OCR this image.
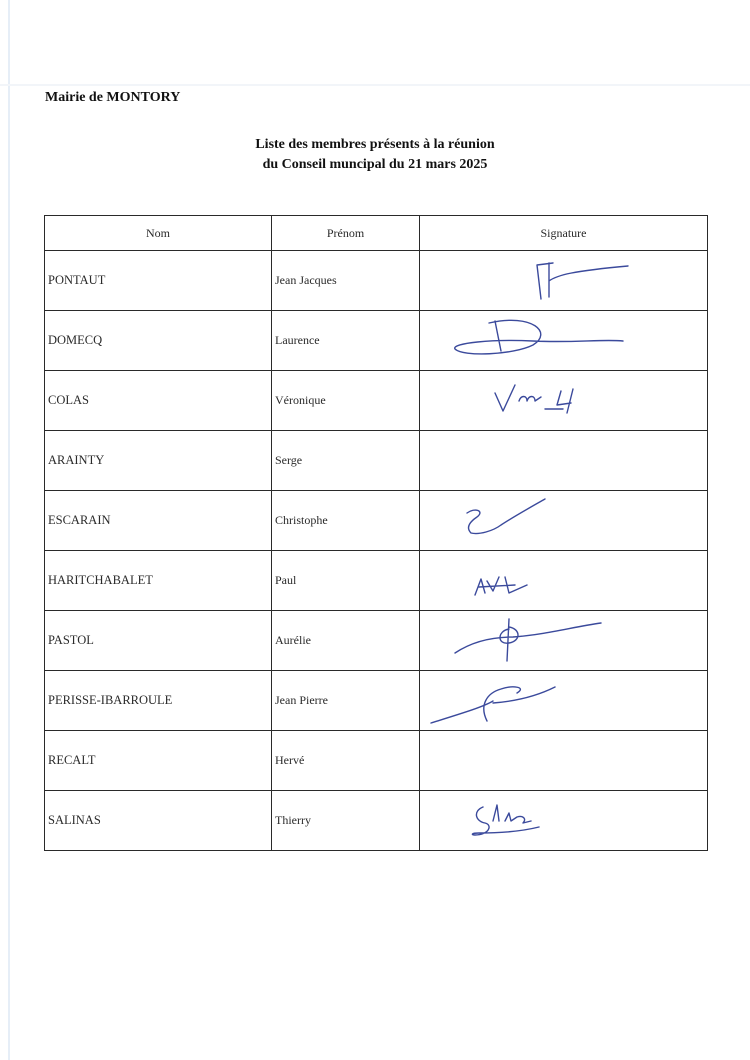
Mairie de MONTORY
Liste des membres présents à la réunion
du Conseil muncipal du 21 mars 2025
Nom	Prénom	Signature
PONTAUT	Jean Jacques	

DOMECQ	Laurence	

COLAS	Véronique	

ARAINTY	Serge	
ESCARAIN	Christophe	

HARITCHABALET	Paul	

PASTOL	Aurélie	

PERISSE-IBARROULE	Jean Pierre	

RECALT	Hervé	
SALINAS	Thierry	
